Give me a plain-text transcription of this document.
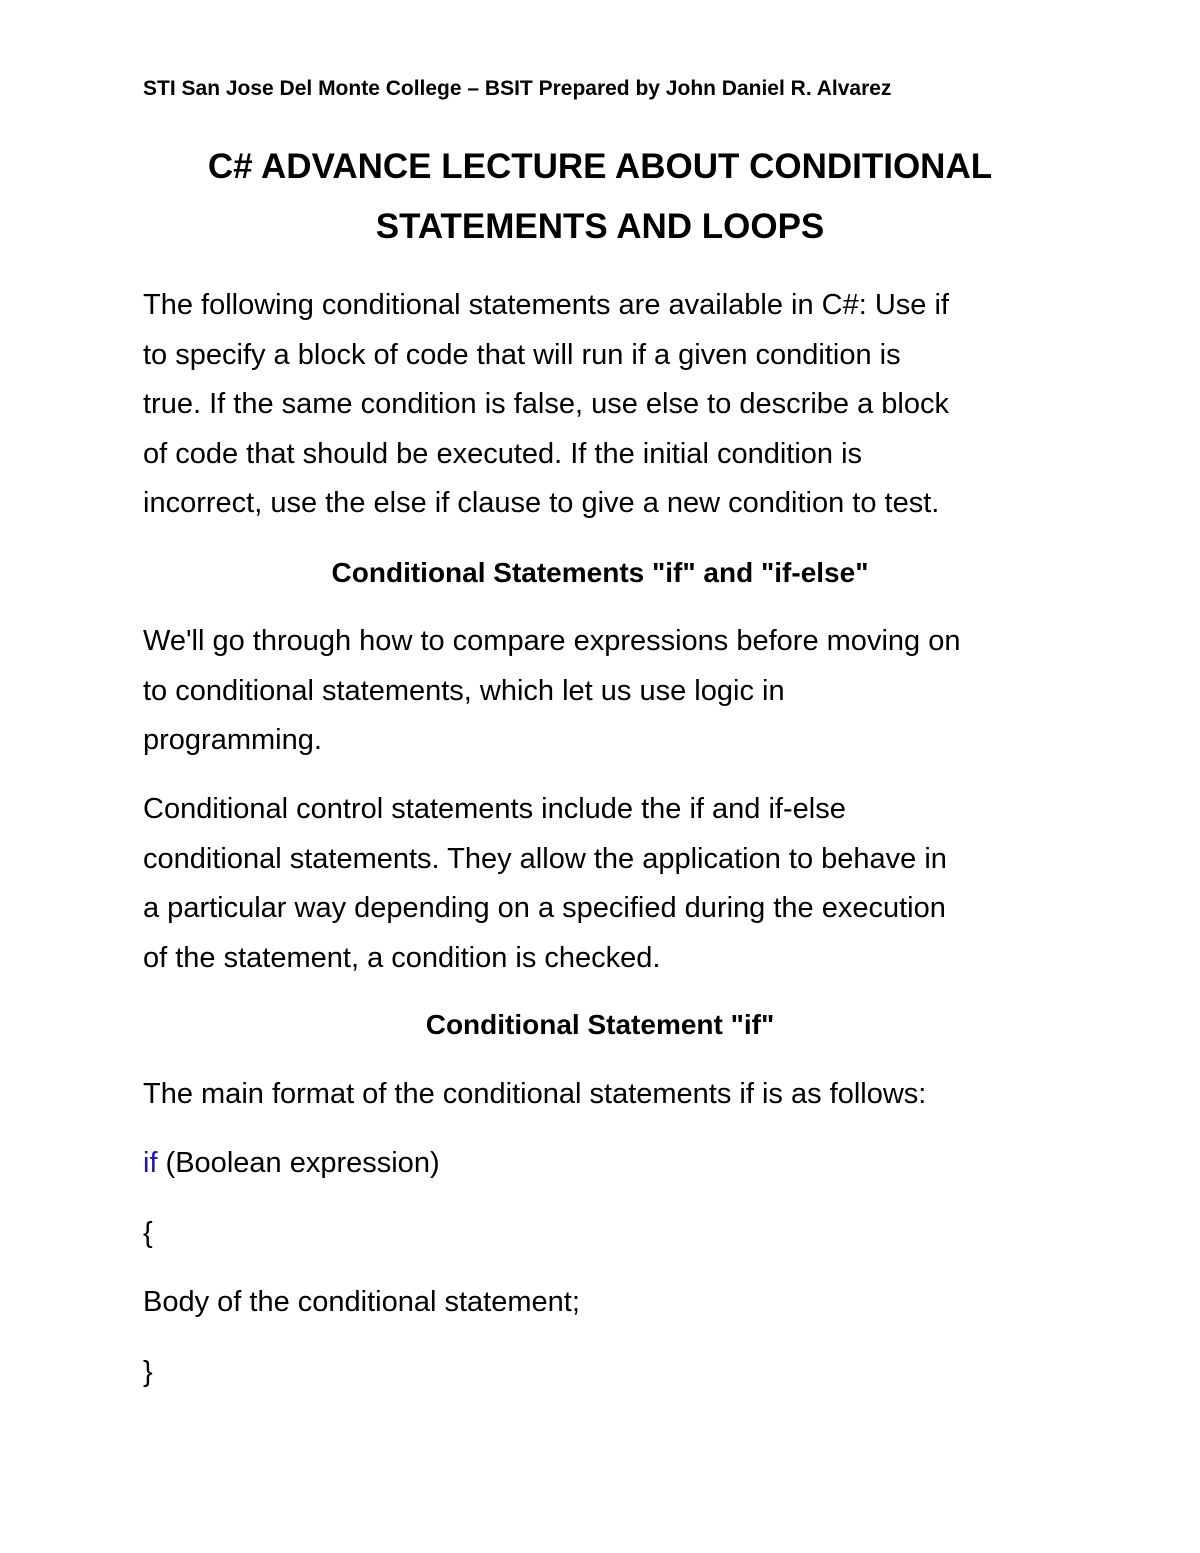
STI San Jose Del Monte College – BSIT Prepared by John Daniel R. Alvarez
C# ADVANCE LECTURE ABOUT CONDITIONAL
STATEMENTS AND LOOPS
The following conditional statements are available in C#: Use if
to specify a block of code that will run if a given condition is
true. If the same condition is false, use else to describe a block
of code that should be executed. If the initial condition is
incorrect, use the else if clause to give a new condition to test.
Conditional Statements "if" and "if-else"
We'll go through how to compare expressions before moving on
to conditional statements, which let us use logic in
programming.
Conditional control statements include the if and if-else
conditional statements. They allow the application to behave in
a particular way depending on a specified during the execution
of the statement, a condition is checked.
Conditional Statement "if"
The main format of the conditional statements if is as follows:
if (Boolean expression)
{
Body of the conditional statement;
}
